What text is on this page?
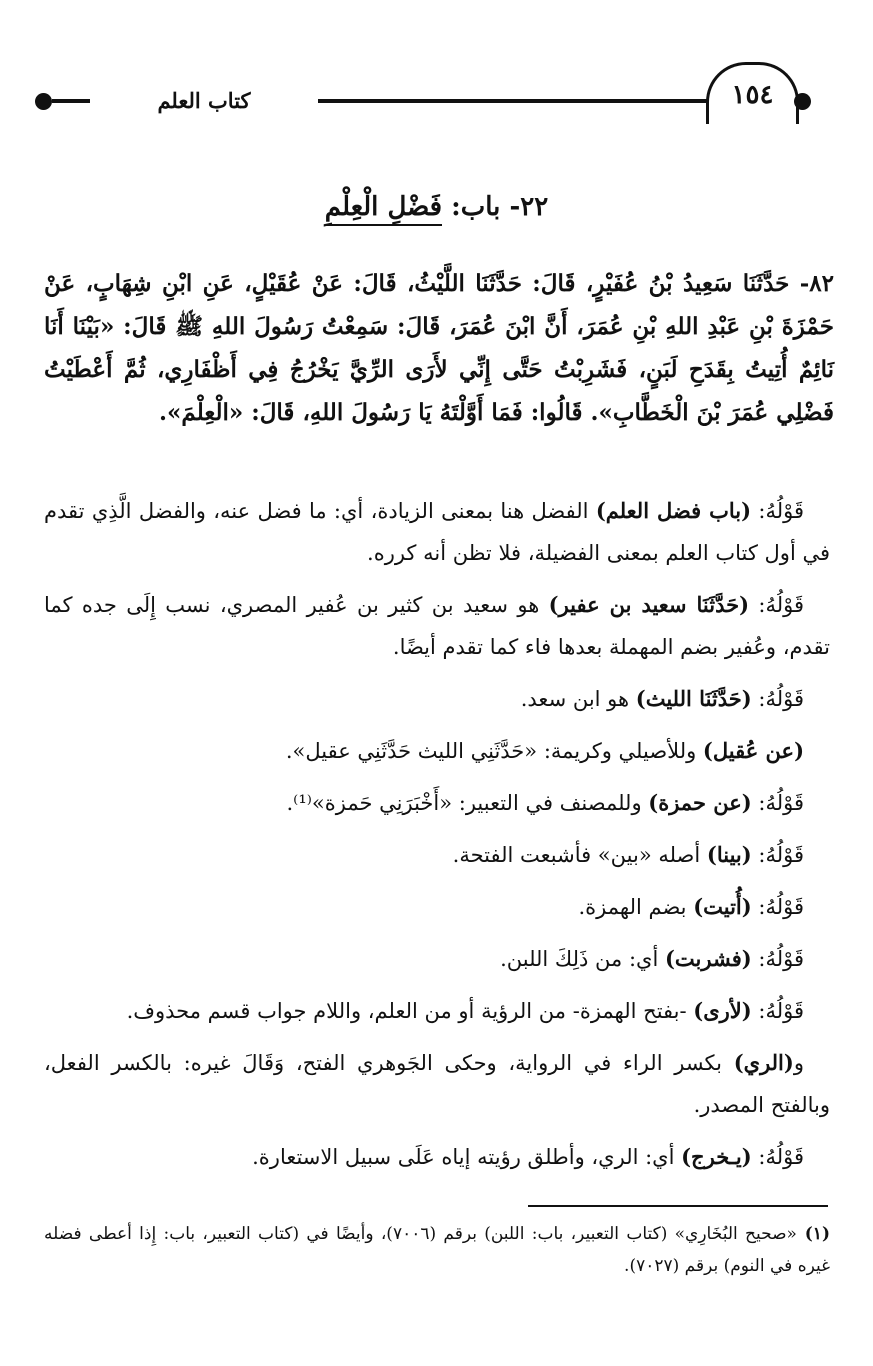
كتاب العلم	١٥٤
٢٢- باب: فَضْلِ الْعِلْمِ
٨٢- حَدَّثَنَا سَعِيدُ بْنُ عُفَيْرٍ، قَالَ: حَدَّثَنَا اللَّيْثُ، قَالَ: عَنْ عُقَيْلٍ، عَنِ ابْنِ شِهَابٍ، عَنْ حَمْزَةَ بْنِ عَبْدِ اللهِ بْنِ عُمَرَ، أَنَّ ابْنَ عُمَرَ، قَالَ: سَمِعْتُ رَسُولَ اللهِ ﷺ قَالَ: «بَيْنَا أَنَا نَائِمٌ أُتِيتُ بِقَدَحِ لَبَنٍ، فَشَرِبْتُ حَتَّى إِنِّي لأَرَى الرِّيَّ يَخْرُجُ فِي أَظْفَارِي، ثُمَّ أَعْطَيْتُ فَضْلِي عُمَرَ بْنَ الْخَطَّابِ». قَالُوا: فَمَا أَوَّلْتَهُ يَا رَسُولَ اللهِ، قَالَ: «الْعِلْمَ».

قَوْلُهُ: (باب فضل العلم) الفضل هنا بمعنى الزيادة، أي: ما فضل عنه، والفضل الَّذِي تقدم في أول كتاب العلم بمعنى الفضيلة، فلا تظن أنه كرره.

قَوْلُهُ: (حَدَّثَنَا سعيد بن عفير) هو سعيد بن كثير بن عُفير المصري، نسب إِلَى جده كما تقدم، وعُفير بضم المهملة بعدها فاء كما تقدم أيضًا.

قَوْلُهُ: (حَدَّثَنَا الليث) هو ابن سعد.

(عن عُقيل) وللأصيلي وكريمة: «حَدَّثَنِي الليث حَدَّثَنِي عقيل».

قَوْلُهُ: (عن حمزة) وللمصنف في التعبير: «أَخْبَرَنِي حَمزة»⁽¹⁾.

قَوْلُهُ: (بينا) أصله «بين» فأشبعت الفتحة.

قَوْلُهُ: (أُتيت) بضم الهمزة.

قَوْلُهُ: (فشربت) أي: من ذَلِكَ اللبن.

قَوْلُهُ: (لأرى) -بفتح الهمزة- من الرؤية أو من العلم، واللام جواب قسم محذوف.

و(الري) بكسر الراء في الرواية، وحكى الجَوهري الفتح، وَقَالَ غيره: بالكسر الفعل، وبالفتح المصدر.

قَوْلُهُ: (يـخرج) أي: الري، وأطلق رؤيته إياه عَلَى سبيل الاستعارة.

(١) «صحيح البُخَارِي» (كتاب التعبير، باب: اللبن) برقم (٧٠٠٦)، وأيضًا في (كتاب التعبير، باب: إِذا أعطى فضله غيره في النوم) برقم (٧٠٢٧).
